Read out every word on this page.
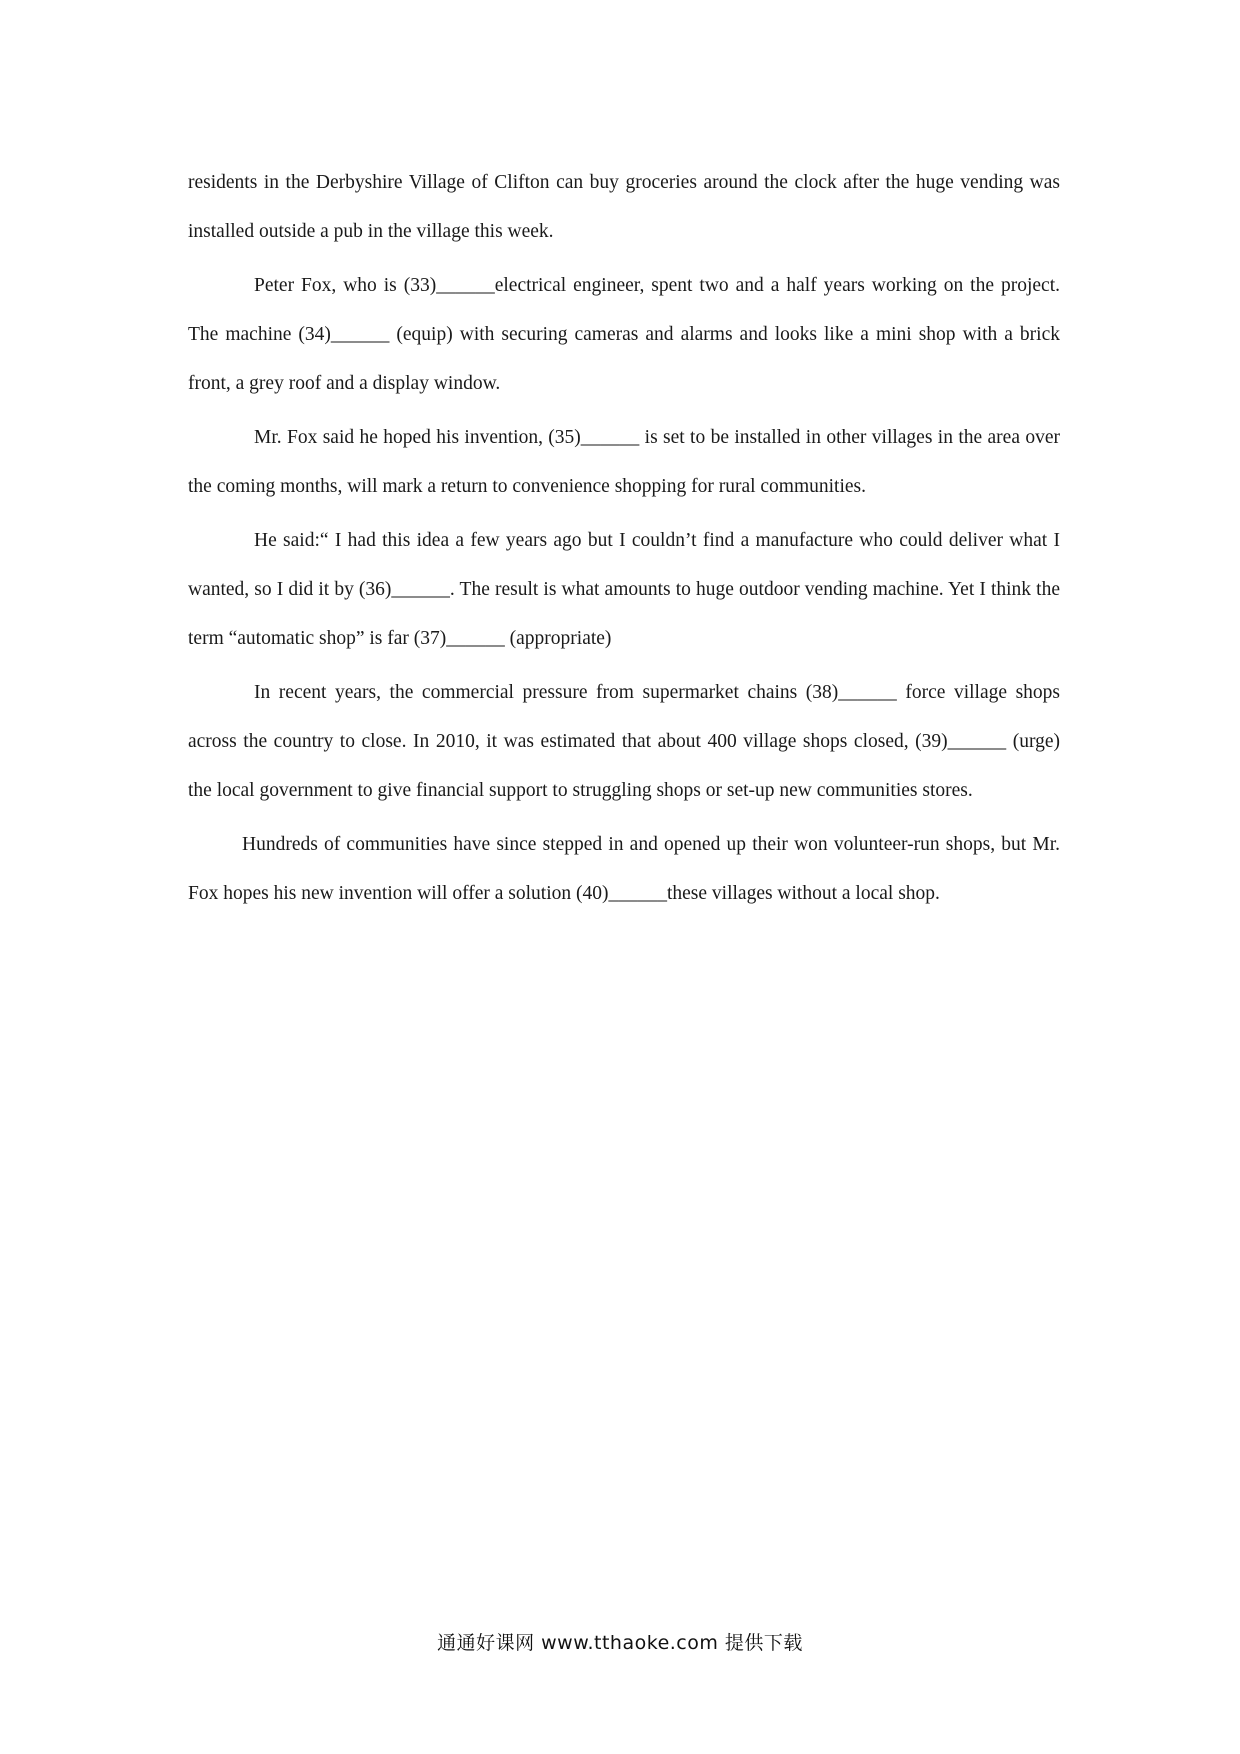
residents in the Derbyshire Village of Clifton can buy groceries around the clock after the huge vending was installed outside a pub in the village this week.

Peter Fox, who is (33)______electrical engineer, spent two and a half years working on the project. The machine (34)______ (equip) with securing cameras and alarms and looks like a mini shop with a brick front, a grey roof and a display window.

Mr. Fox said he hoped his invention, (35)______ is set to be installed in other villages in the area over the coming months, will mark a return to convenience shopping for rural communities.

He said:“ I had this idea a few years ago but I couldn’t find a manufacture who could deliver what I wanted, so I did it by (36)______. The result is what amounts to huge outdoor vending machine. Yet I think the term “automatic shop” is far (37)______ (appropriate)

In recent years, the commercial pressure from supermarket chains (38)______ force village shops across the country to close. In 2010, it was estimated that about 400 village shops closed, (39)______ (urge) the local government to give financial support to struggling shops or set-up new communities stores.

Hundreds of communities have since stepped in and opened up their won volunteer-run shops, but Mr. Fox hopes his new invention will offer a solution (40)______these villages without a local shop.

通通好课网 www.tthaoke.com 提供下载
